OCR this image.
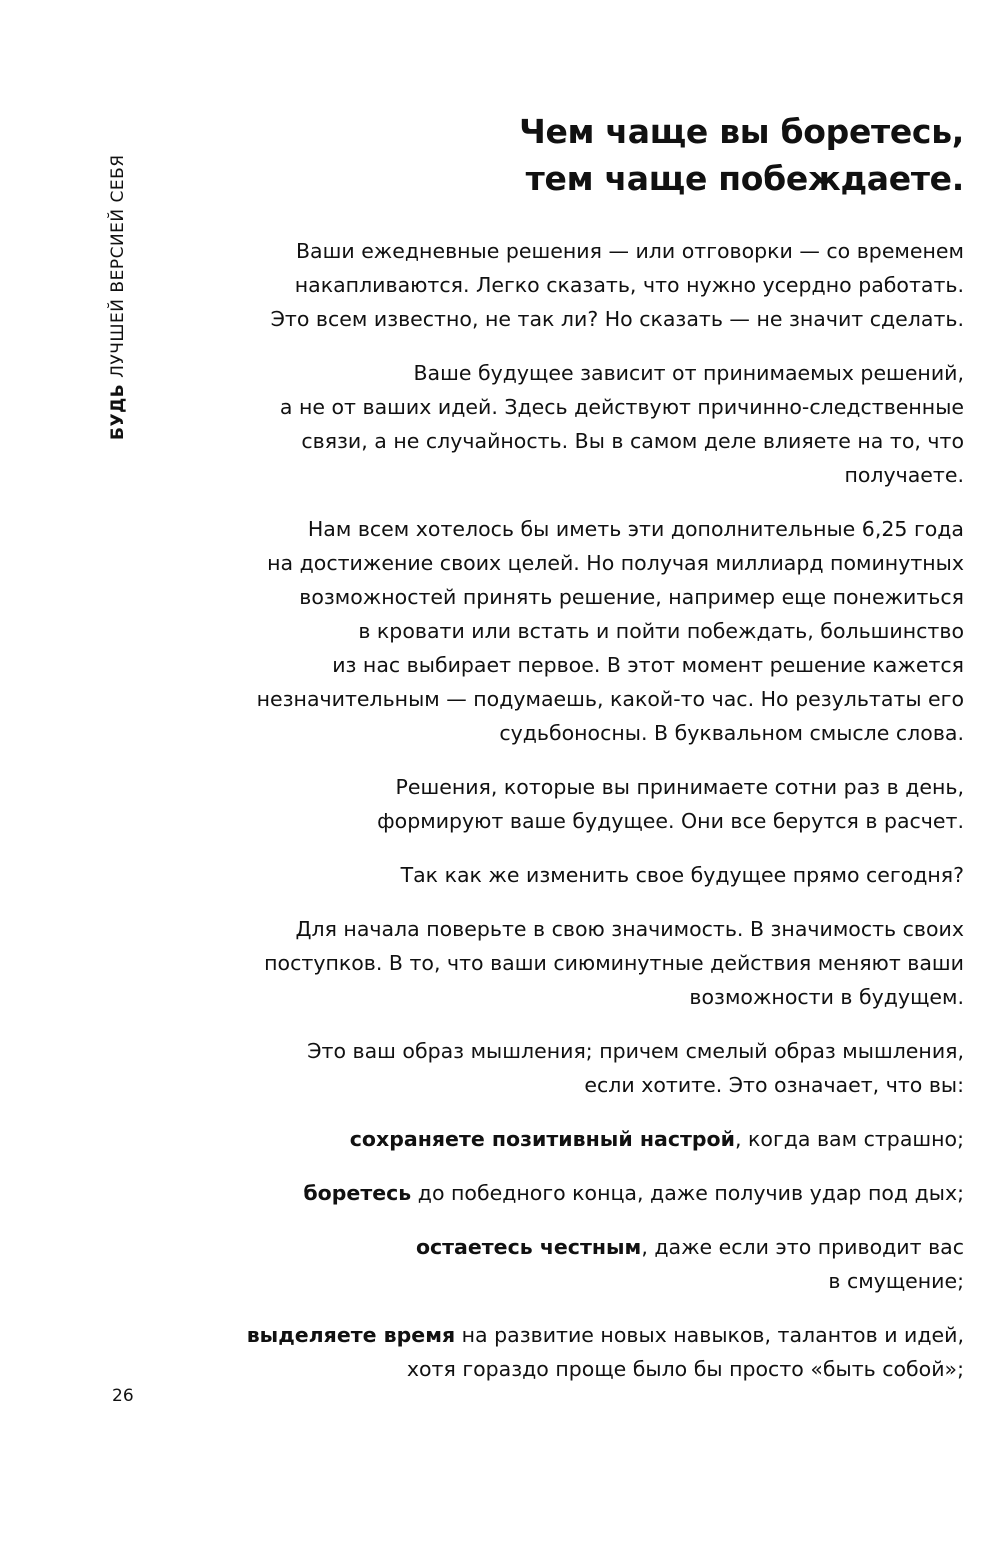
БУДЬ ЛУЧШЕЙ ВЕРСИЕЙ СЕБЯ
26
Чем чаще вы боретесь,
тем чаще побеждаете.

Ваши ежедневные решения — или отговорки — со временем
накапливаются. Легко сказать, что нужно усердно работать.
Это всем известно, не так ли? Но сказать — не значит сделать.

Ваше будущее зависит от принимаемых решений,
а не от ваших идей. Здесь действуют причинно-следственные
связи, а не случайность. Вы в самом деле влияете на то, что
получаете.

Нам всем хотелось бы иметь эти дополнительные 6,25 года
на достижение своих целей. Но получая миллиард поминутных
возможностей принять решение, например еще понежиться
в кровати или встать и пойти побеждать, большинство
из нас выбирает первое. В этот момент решение кажется
незначительным — подумаешь, какой-то час. Но результаты его
судьбоносны. В буквальном смысле слова.

Решения, которые вы принимаете сотни раз в день,
формируют ваше будущее. Они все берутся в расчет.

Так как же изменить свое будущее прямо сегодня?

Для начала поверьте в свою значимость. В значимость своих
поступков. В то, что ваши сиюминутные действия меняют ваши
возможности в будущем.

Это ваш образ мышления; причем смелый образ мышления,
если хотите. Это означает, что вы:

сохраняете позитивный настрой, когда вам страшно;

боретесь до победного конца, даже получив удар под дых;

остаетесь честным, даже если это приводит вас
в смущение;

выделяете время на развитие новых навыков, талантов и идей,
хотя гораздо проще было бы просто «быть собой»;
